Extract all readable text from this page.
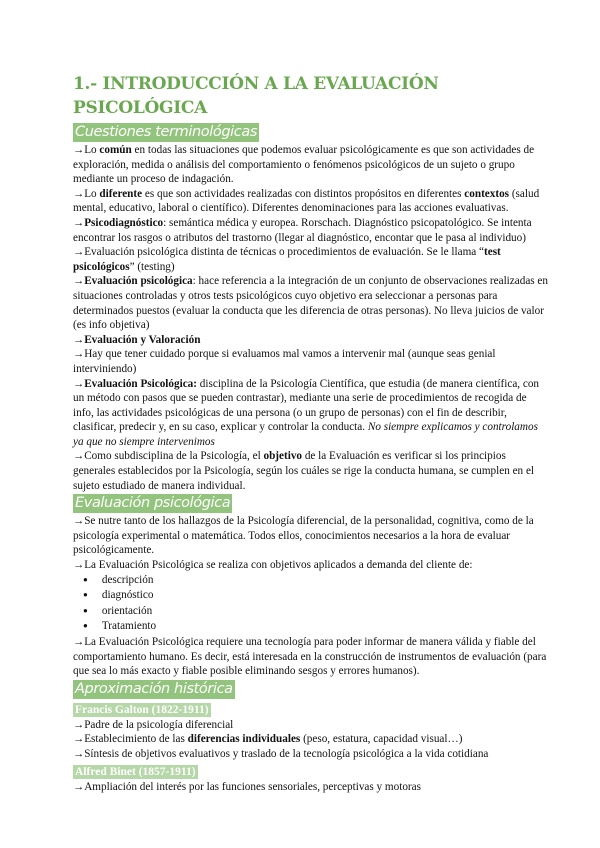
1.- INTRODUCCIÓN A LA EVALUACIÓN PSICOLÓGICA
Cuestiones terminológicas

→Lo común en todas las situaciones que podemos evaluar psicológicamente es que son actividades de exploración, medida o análisis del comportamiento o fenómenos psicológicos de un sujeto o grupo mediante un proceso de indagación.

→Lo diferente es que son actividades realizadas con distintos propósitos en diferentes contextos (salud mental, educativo, laboral o científico). Diferentes denominaciones para las acciones evaluativas.

→Psicodiagnóstico: semántica médica y europea. Rorschach. Diagnóstico psicopatológico. Se intenta encontrar los rasgos o atributos del trastorno (llegar al diagnóstico, encontar que le pasa al individuo)

→Evaluación psicológica distinta de técnicas o procedimientos de evaluación. Se le llama “test psicológicos” (testing)

→Evaluación psicológica: hace referencia a la integración de un conjunto de observaciones realizadas en situaciones controladas y otros tests psicológicos cuyo objetivo era seleccionar a personas para determinados puestos (evaluar la conducta que les diferencia de otras personas). No lleva juicios de valor (es info objetiva)

→Evaluación y Valoración

→Hay que tener cuidado porque si evaluamos mal vamos a intervenir mal (aunque seas genial interviniendo)

→Evaluación Psicológica: disciplina de la Psicología Científica, que estudia (de manera científica, con un método con pasos que se pueden contrastar), mediante una serie de procedimientos de recogida de info, las actividades psicológicas de una persona (o un grupo de personas) con el fin de describir, clasificar, predecir y, en su caso, explicar y controlar la conducta. No siempre explicamos y controlamos ya que no siempre intervenimos

→Como subdisciplina de la Psicología, el objetivo de la Evaluación es verificar si los principios generales establecidos por la Psicología, según los cuáles se rige la conducta humana, se cumplen en el sujeto estudiado de manera individual.

Evaluación psicológica

→Se nutre tanto de los hallazgos de la Psicología diferencial, de la personalidad, cognitiva, como de la psicología experimental o matemática. Todos ellos, conocimientos necesarios a la hora de evaluar psicológicamente.

→La Evaluación Psicológica se realiza con objetivos aplicados a demanda del cliente de:

● descripción
● diagnóstico
● orientación
● Tratamiento

→La Evaluación Psicológica requiere una tecnología para poder informar de manera válida y fiable del comportamiento humano. Es decir, está interesada en la construcción de instrumentos de evaluación (para que sea lo más exacto y fiable posible eliminando sesgos y errores humanos).

Aproximación histórica
Francis Galton (1822-1911)

→Padre de la psicología diferencial

→Establecimiento de las diferencias individuales (peso, estatura, capacidad visual…)

→Síntesis de objetivos evaluativos y traslado de la tecnología psicológica a la vida cotidiana

Alfred Binet (1857-1911)

→Ampliación del interés por las funciones sensoriales, perceptivas y motoras
